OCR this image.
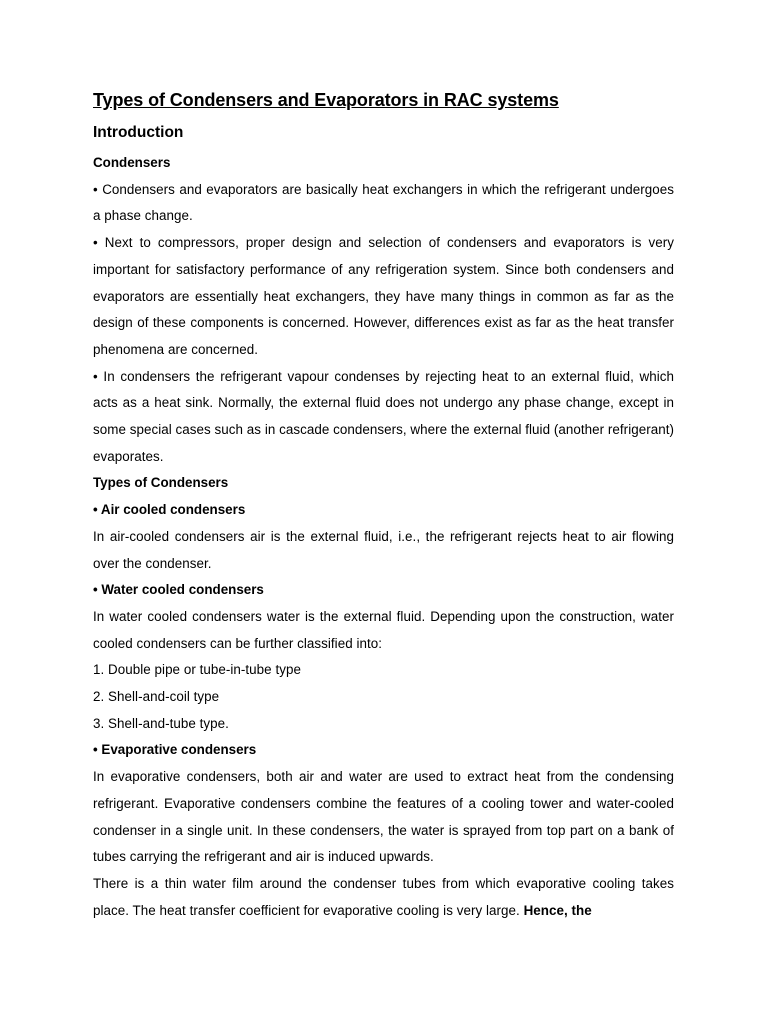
Types of Condensers and Evaporators in RAC systems
Introduction

Condensers

• Condensers and evaporators are basically heat exchangers in which the refrigerant undergoes a phase change.

• Next to compressors, proper design and selection of condensers and evaporators is very important for satisfactory performance of any refrigeration system. Since both condensers and evaporators are essentially heat exchangers, they have many things in common as far as the design of these components is concerned. However, differences exist as far as the heat transfer phenomena are concerned.

• In condensers the refrigerant vapour condenses by rejecting heat to an external fluid, which acts as a heat sink. Normally, the external fluid does not undergo any phase change, except in some special cases such as in cascade condensers, where the external fluid (another refrigerant) evaporates.

Types of Condensers

• Air cooled condensers

In air-cooled condensers air is the external fluid, i.e., the refrigerant rejects heat to air flowing over the condenser.

• Water cooled condensers

In water cooled condensers water is the external fluid. Depending upon the construction, water cooled condensers can be further classified into:

1. Double pipe or tube-in-tube type

2. Shell-and-coil type

3. Shell-and-tube type.

• Evaporative condensers

In evaporative condensers, both air and water are used to extract heat from the condensing refrigerant. Evaporative condensers combine the features of a cooling tower and water-cooled condenser in a single unit. In these condensers, the water is sprayed from top part on a bank of tubes carrying the refrigerant and air is induced upwards.

There is a thin water film around the condenser tubes from which evaporative cooling takes place. The heat transfer coefficient for evaporative cooling is very large. Hence, the
